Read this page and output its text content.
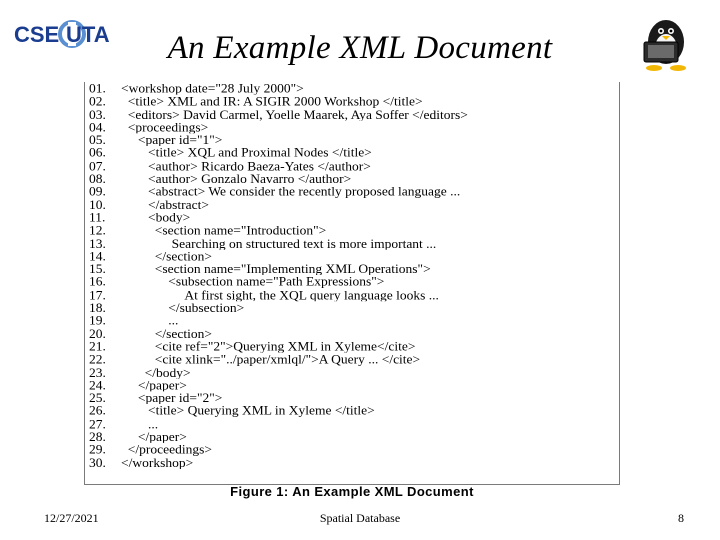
CSE UTA	An Example XML Document
01. <workshop date="28 July 2000">
02.  <title> XML and IR: A SIGIR 2000 Workshop </title>
03.  <editors> David Carmel, Yoelle Maarek, Aya Soffer </editors>
04.  <proceedings>
05.     <paper id="1">
06.        <title> XQL and Proximal Nodes </title>
07.        <author> Ricardo Baeza-Yates </author>
08.        <author> Gonzalo Navarro </author>
09.        <abstract> We consider the recently proposed language ...
10.        </abstract>
11.        <body>
12.          <section name="Introduction">
13.               Searching on structured text is more important ...
14.          </section>
15.          <section name="Implementing XML Operations">
16.              <subsection name="Path Expressions">
17.                   At first sight, the XQL query language looks ...
18.              </subsection>
19.              ...
20.          </section>
21.          <cite ref="2">Querying XML in Xyleme</cite>
22.          <cite xlink="../paper/xmlql/">A Query ... </cite>
23.       </body>
24.     </paper>
25.     <paper id="2">
26.        <title> Querying XML in Xyleme </title>
27.        ...
28.     </paper>
29.  </proceedings>
30. </workshop>
Figure 1: An Example XML Document
12/27/2021	Spatial Database	8
